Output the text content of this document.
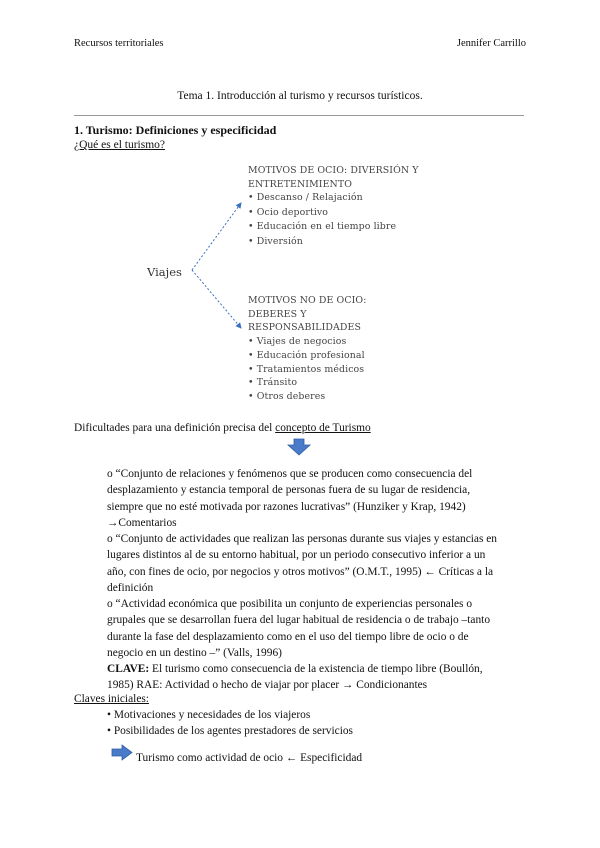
Recursos territoriales	Jennifer Carrillo
Tema 1. Introducción al turismo y recursos turísticos.
1. Turismo: Definiciones y especificidad
¿Qué es el turismo?
Viajes
MOTIVOS DE OCIO: DIVERSIÓN Y
ENTRETENIMIENTO
• Descanso / Relajación
• Ocio deportivo
• Educación en el tiempo libre
• Diversión
MOTIVOS NO DE OCIO:
DEBERES Y
RESPONSABILIDADES
• Viajes de negocios
• Educación profesional
• Tratamientos médicos
• Tránsito
• Otros deberes
Dificultades para una definición precisa del concepto de Turismo
o “Conjunto de relaciones y fenómenos que se producen como consecuencia del
desplazamiento y estancia temporal de personas fuera de su lugar de residencia,
siempre que no esté motivada por razones lucrativas” (Hunziker y Krap, 1942)
→Comentarios
o “Conjunto de actividades que realizan las personas durante sus viajes y estancias en
lugares distintos al de su entorno habitual, por un periodo consecutivo inferior a un
año, con fines de ocio, por negocios y otros motivos” (O.M.T., 1995) ← Críticas a la
definición
o “Actividad económica que posibilita un conjunto de experiencias personales o
grupales que se desarrollan fuera del lugar habitual de residencia o de trabajo –tanto
durante la fase del desplazamiento como en el uso del tiempo libre de ocio o de
negocio en un destino –” (Valls, 1996)
CLAVE: El turismo como consecuencia de la existencia de tiempo libre (Boullón,
1985) RAE: Actividad o hecho de viajar por placer → Condicionantes
Claves iniciales:
• Motivaciones y necesidades de los viajeros
• Posibilidades de los agentes prestadores de servicios
Turismo como actividad de ocio ← Especificidad
